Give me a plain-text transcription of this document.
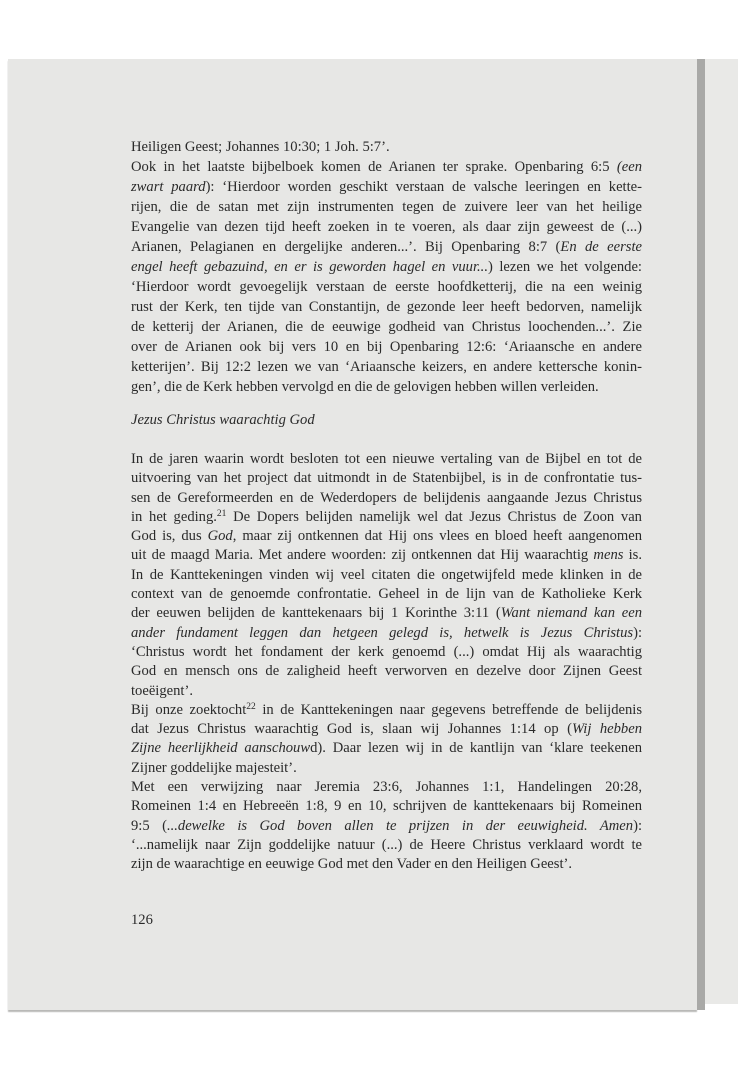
Heiligen Geest; Johannes 10:30; 1 Joh. 5:7’.
Ook in het laatste bijbelboek komen de Arianen ter sprake. Openbaring 6:5 (een
zwart paard): ‘Hierdoor worden geschikt verstaan de valsche leeringen en kette-
rijen, die de satan met zijn instrumenten tegen de zuivere leer van het heilige
Evangelie van dezen tijd heeft zoeken in te voeren, als daar zijn geweest de (...)
Arianen, Pelagianen en dergelijke anderen...’. Bij Openbaring 8:7 (En de eerste
engel heeft gebazuind, en er is geworden hagel en vuur...) lezen we het volgende:
‘Hierdoor wordt gevoegelijk verstaan de eerste hoofdketterij, die na een weinig
rust der Kerk, ten tijde van Constantijn, de gezonde leer heeft bedorven, namelijk
de ketterij der Arianen, die de eeuwige godheid van Christus loochenden...’. Zie
over de Arianen ook bij vers 10 en bij Openbaring 12:6: ‘Ariaansche en andere
ketterijen’. Bij 12:2 lezen we van ‘Ariaansche keizers, en andere kettersche konin-
gen’, die de Kerk hebben vervolgd en die de gelovigen hebben willen verleiden.
Jezus Christus waarachtig God
In de jaren waarin wordt besloten tot een nieuwe vertaling van de Bijbel en tot de
uitvoering van het project dat uitmondt in de Statenbijbel, is in de confrontatie tus-
sen de Gereformeerden en de Wederdopers de belijdenis aangaande Jezus Christus
in het geding.$^{21}$ De Dopers belijden namelijk wel dat Jezus Christus de Zoon van
God is, dus God, maar zij ontkennen dat Hij ons vlees en bloed heeft aangenomen
uit de maagd Maria. Met andere woorden: zij ontkennen dat Hij waarachtig mens is.
In de Kanttekeningen vinden wij veel citaten die ongetwijfeld mede klinken in de
context van de genoemde confrontatie. Geheel in de lijn van de Katholieke Kerk
der eeuwen belijden de kanttekenaars bij 1 Korinthe 3:11 (Want niemand kan een
ander fundament leggen dan hetgeen gelegd is, hetwelk is Jezus Christus):
‘Christus wordt het fondament der kerk genoemd (...) omdat Hij als waarachtig
God en mensch ons de zaligheid heeft verworven en dezelve door Zijnen Geest
toeëigent’.
Bij onze zoektocht$^{22}$ in de Kanttekeningen naar gegevens betreffende de belijdenis
dat Jezus Christus waarachtig God is, slaan wij Johannes 1:14 op (Wij hebben
Zijne heerlijkheid aanschouwd). Daar lezen wij in de kantlijn van ‘klare teekenen
Zijner goddelijke majesteit’.
Met een verwijzing naar Jeremia 23:6, Johannes 1:1, Handelingen 20:28,
Romeinen 1:4 en Hebreeën 1:8, 9 en 10, schrijven de kanttekenaars bij Romeinen
9:5 (...dewelke is God boven allen te prijzen in der eeuwigheid. Amen):
‘...namelijk naar Zijn goddelijke natuur (...) de Heere Christus verklaard wordt te
zijn de waarachtige en eeuwige God met den Vader en den Heiligen Geest’.
126
